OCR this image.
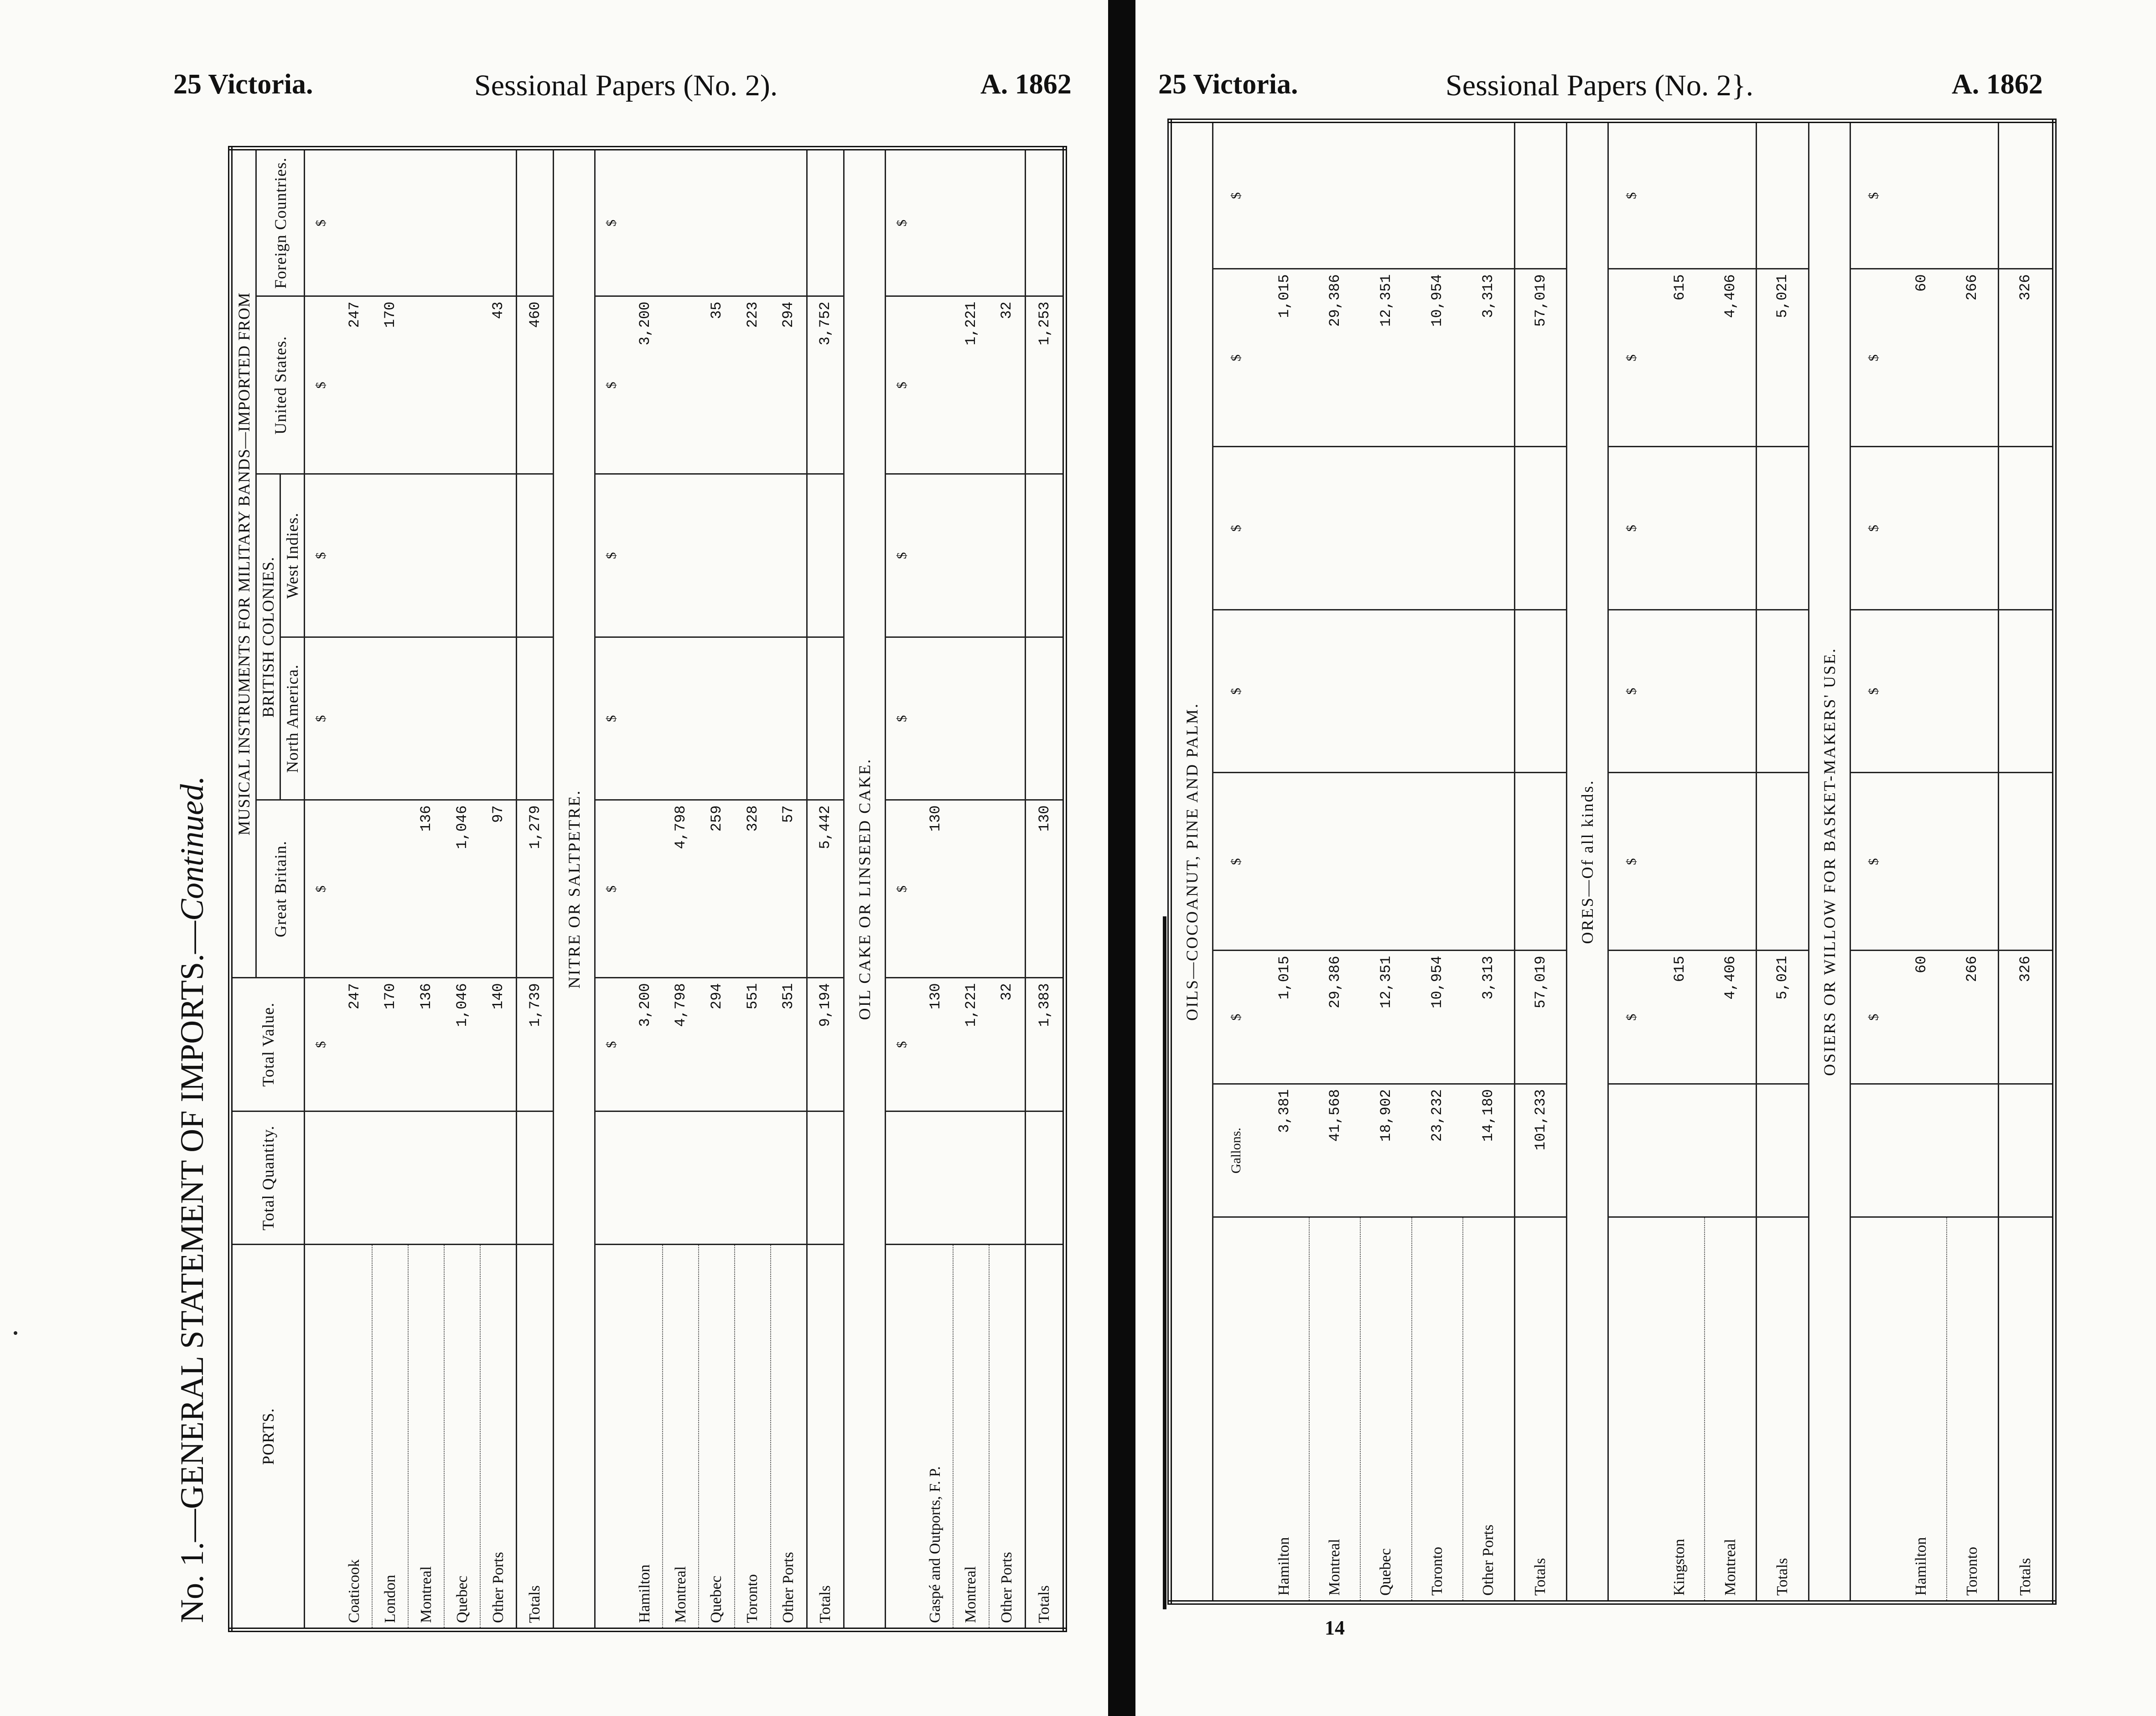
25 Victoria.	Sessional Papers (No. 2).	A. 1862	25 Victoria.	Sessional Papers (No. 2}.	A. 1862
No. 1.—GENERAL STATEMENT OF IMPORTS.—Continued.
PORTS.	Total Quantity.	Total Value.	MUSICAL INSTRUMENTS FOR MILITARY BANDS—IMPORTED FROM				
			Great Britain.	BRITISH COLONIES.		United States.	Foreign Countries.
				North America.	West Indies.		
		$	$	$	$	$	$
Coaticook		247				247	
London		170				170	
Montreal		136	136				
Quebec		1,046	1,046				
Other Ports		140	97			43	
Totals		1,739	1,279			460	
NITRE OR SALTPETRE.							
		$	$	$	$	$	$
Hamilton		3,200				3,200	
Montreal		4,798	4,798				
Quebec		294	259			35	
Toronto		551	328			223	
Other Ports		351	57			294	
Totals		9,194	5,442			3,752	
OIL CAKE OR LINSEED CAKE.							
		$	$	$	$	$	$
Gaspé and Outports, F. P.		130	130				
Montreal		1,221				1,221	
Other Ports		32				32	
Totals		1,383	130			1,253	
OILS—COCOANUT, PINE AND PALM.							
	Gallons.	$	$	$	$	$	$
Hamilton	3,381	1,015				1,015	
Montreal	41,568	29,386				29,386	
Quebec	18,902	12,351				12,351	
Toronto	23,232	10,954				10,954	
Other Ports	14,180	3,313				3,313	
Totals	101,233	57,019				57,019	
ORES—Of all kinds.							
		$	$	$	$	$	$
Kingston		615				615	
Montreal		4,406				4,406	
Totals		5,021				5,021	
OSIERS OR WILLOW FOR BASKET-MAKERS' USE.							
		$	$	$	$	$	$
Hamilton		60				60	
Toronto		266				266	
Totals		326				326	
14
